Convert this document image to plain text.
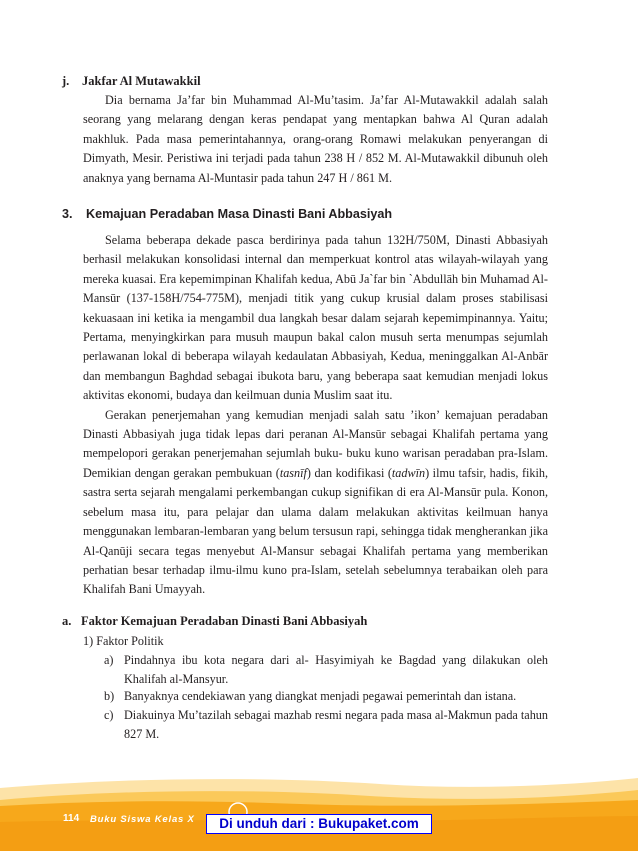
j. Jakfar Al Mutawakkil

Dia bernama Ja’far bin Muhammad Al-Mu’tasim. Ja’far Al-Mutawakkil adalah salah seorang yang melarang dengan keras pendapat yang mentapkan bahwa Al Quran adalah makhluk. Pada masa pemerintahannya, orang-orang Romawi melakukan penyerangan di Dimyath, Mesir. Peristiwa ini terjadi pada tahun 238 H / 852 M. Al-Mutawakkil dibunuh oleh anaknya yang bernama Al-Muntasir pada tahun 247 H / 861 M.

3. Kemajuan Peradaban Masa Dinasti Bani Abbasiyah

Selama beberapa dekade pasca berdirinya pada tahun 132H/750M, Dinasti Abbasiyah berhasil melakukan konsolidasi internal dan memperkuat kontrol atas wilayah-wilayah yang mereka kuasai. Era kepemimpinan Khalifah kedua, Abū Ja`far bin `Abdullāh bin Muhamad Al-Mansūr (137-158H/754-775M), menjadi titik yang cukup krusial dalam proses stabilisasi kekuasaan ini ketika ia mengambil dua langkah besar dalam sejarah kepemimpinannya. Yaitu; Pertama, menyingkirkan para musuh maupun bakal calon musuh serta menumpas sejumlah perlawanan lokal di beberapa wilayah kedaulatan Abbasiyah, Kedua, meninggalkan Al-Anbār dan membangun Baghdad sebagai ibukota baru, yang beberapa saat kemudian menjadi lokus aktivitas ekonomi, budaya dan keilmuan dunia Muslim saat itu.

Gerakan penerjemahan yang kemudian menjadi salah satu ’ikon’ kemajuan peradaban Dinasti Abbasiyah juga tidak lepas dari peranan Al-Mansūr sebagai Khalifah pertama yang mempelopori gerakan penerjemahan sejumlah buku- buku kuno warisan peradaban pra-Islam. Demikian dengan gerakan pembukuan (tasnīf) dan kodifikasi (tadwīn) ilmu tafsir, hadis, fikih, sastra serta sejarah mengalami perkembangan cukup signifikan di era Al-Mansūr pula. Konon, sebelum masa itu, para pelajar dan ulama dalam melakukan aktivitas keilmuan hanya menggunakan lembaran-lembaran yang belum tersusun rapi, sehingga tidak mengherankan jika Al-Qanūji secara tegas menyebut Al-Mansur sebagai Khalifah pertama yang memberikan perhatian besar terhadap ilmu-ilmu kuno pra-Islam, setelah sebelumnya terabaikan oleh para Khalifah Bani Umayyah.

a. Faktor Kemajuan Peradaban Dinasti Bani Abbasiyah
1) Faktor Politik
a) Pindahnya ibu kota negara dari al- Hasyimiyah ke Bagdad yang dilakukan oleh Khalifah al-Mansyur.
b) Banyaknya cendekiawan yang diangkat menjadi pegawai pemerintah dan istana.
c) Diakuinya Mu’tazilah sebagai mazhab resmi negara pada masa al-Makmun pada tahun 827 M.
114 Buku Siswa Kelas X	Di unduh dari : Bukupaket.com
